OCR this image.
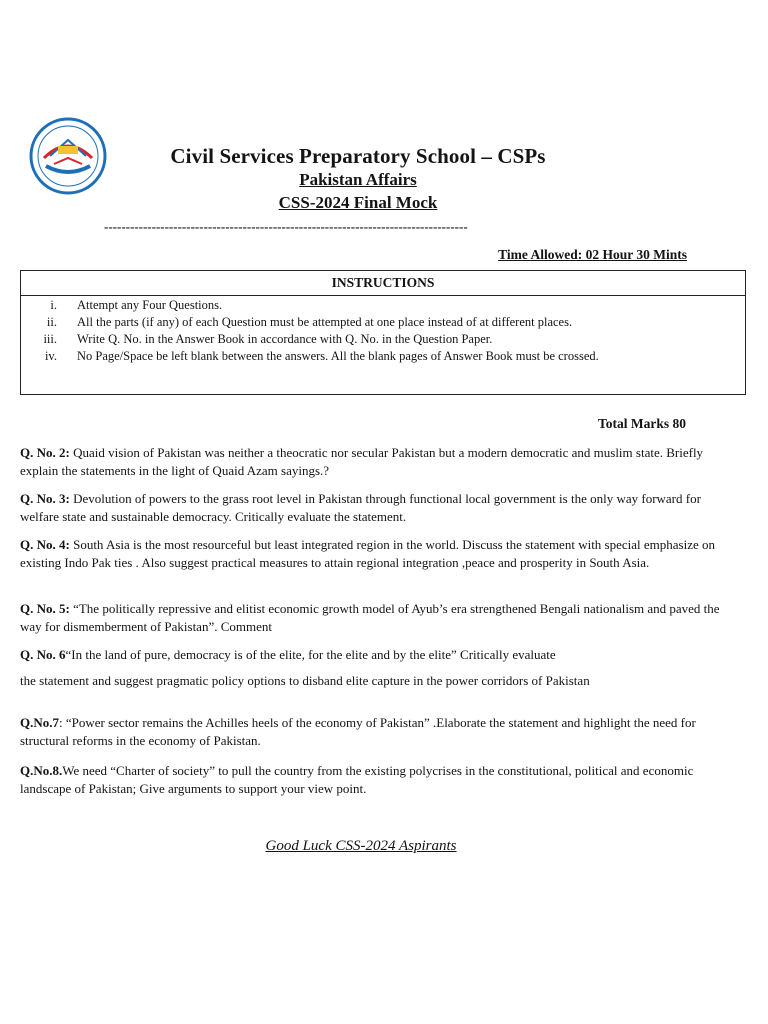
Civil Services Preparatory School – CSPs
Pakistan Affairs
CSS-2024 Final Mock
------------------------------------------------------------------------------------
Time Allowed: 02 Hour 30 Mints
INSTRUCTIONS
i. Attempt any Four Questions.
ii. All the parts (if any) of each Question must be attempted at one place instead of at different places.
iii. Write Q. No. in the Answer Book in accordance with Q. No. in the Question Paper.
iv. No Page/Space be left blank between the answers. All the blank pages of Answer Book must be crossed.
Total Marks 80
Q. No. 2: Quaid vision of Pakistan was neither a theocratic nor secular Pakistan but a modern democratic and muslim state. Briefly explain the statements in the light of Quaid Azam sayings.?
Q. No. 3: Devolution of powers to the grass root level in Pakistan through functional local government is the only way forward for welfare state and sustainable democracy. Critically evaluate the statement.
Q. No. 4: South Asia is the most resourceful but least integrated region in the world. Discuss the statement with special emphasize on existing Indo Pak ties . Also suggest practical measures to attain regional integration ,peace and prosperity in South Asia.
Q. No. 5: “The politically repressive and elitist economic growth model of Ayub’s era strengthened Bengali nationalism and paved the way for dismemberment of Pakistan”. Comment
Q. No. 6“In the land of pure, democracy is of the elite, for the elite and by the elite” Critically evaluate
the statement and suggest pragmatic policy options to disband elite capture in the power corridors of Pakistan
Q.No.7: “Power sector remains the Achilles heels of the economy of Pakistan” .Elaborate the statement and highlight the need for structural reforms in the economy of Pakistan.
Q.No.8.We need “Charter of society” to pull the country from the existing polycrises in the constitutional, political and economic landscape of Pakistan; Give arguments to support your view point.
Good Luck CSS-2024 Aspirants
